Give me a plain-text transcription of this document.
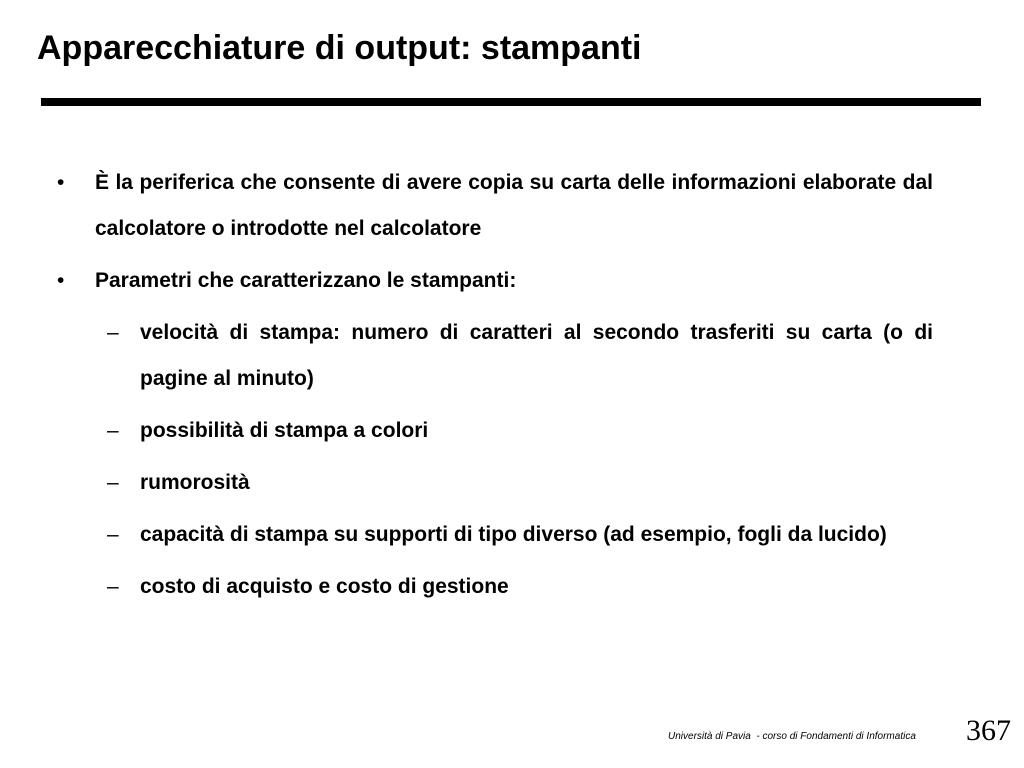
Apparecchiature di output: stampanti
• È la periferica che consente di avere copia su carta delle informazioni elaborate dal calcolatore o introdotte nel calcolatore
• Parametri che caratterizzano le stampanti:
– velocità di stampa: numero di caratteri al secondo trasferiti su carta (o di pagine al minuto)
– possibilità di stampa a colori
– rumorosità
– capacità di stampa su supporti di tipo diverso (ad esempio, fogli da lucido)
– costo di acquisto e costo di gestione
Università di Pavia  - corso di Fondamenti di Informatica 367
